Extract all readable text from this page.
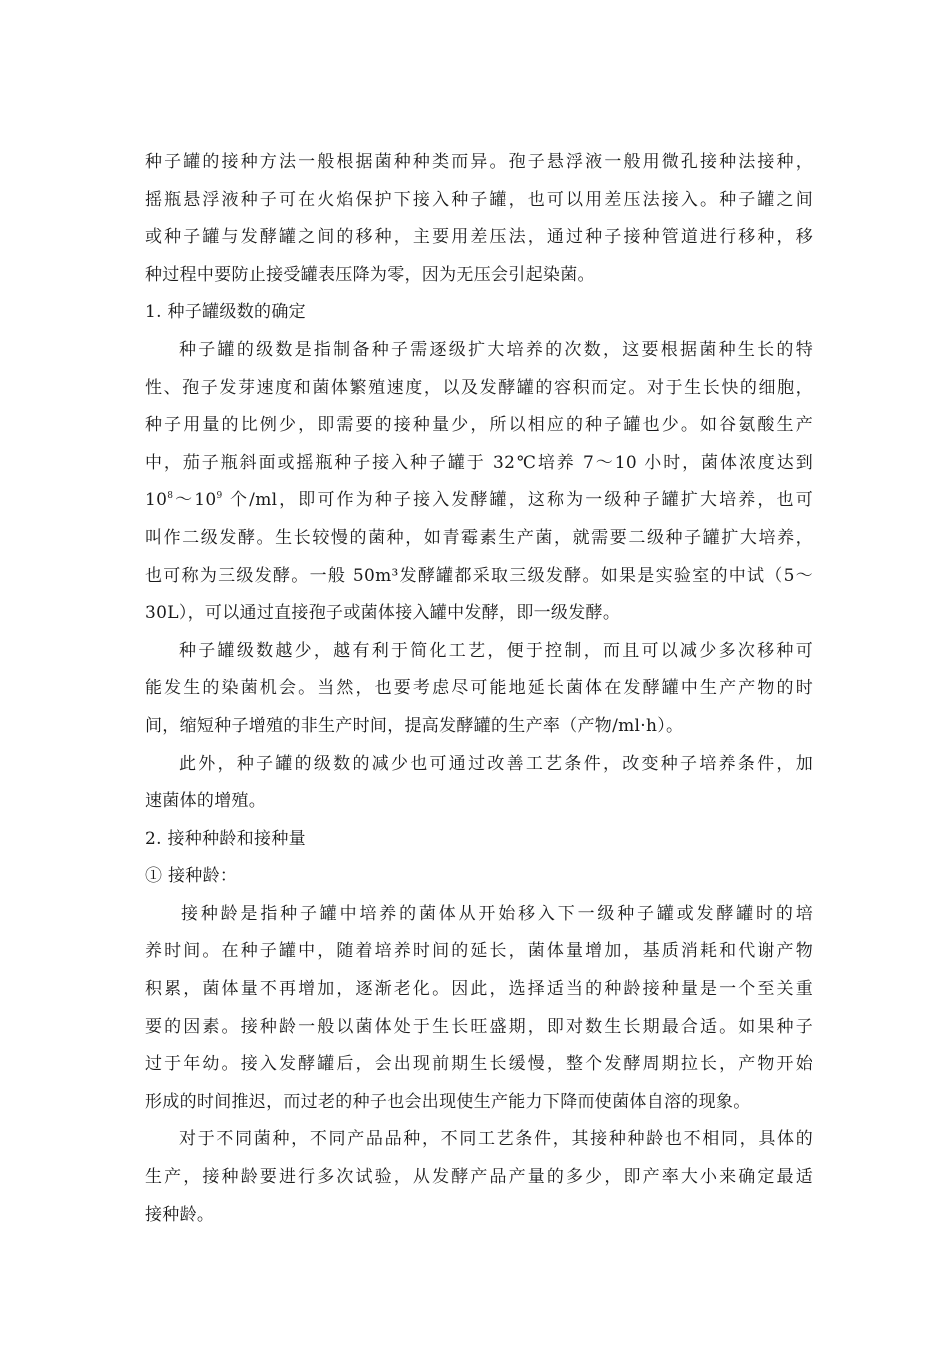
种子罐的接种方法一般根据菌种种类而异。孢子悬浮液一般用微孔接种法接种，
摇瓶悬浮液种子可在火焰保护下接入种子罐，也可以用差压法接入。种子罐之间
或种子罐与发酵罐之间的移种，主要用差压法，通过种子接种管道进行移种，移
种过程中要防止接受罐表压降为零，因为无压会引起染菌。
1. 种子罐级数的确定
种子罐的级数是指制备种子需逐级扩大培养的次数，这要根据菌种生长的特
性、孢子发芽速度和菌体繁殖速度，以及发酵罐的容积而定。对于生长快的细胞，
种子用量的比例少，即需要的接种量少，所以相应的种子罐也少。如谷氨酸生产
中，茄子瓶斜面或摇瓶种子接入种子罐于 32℃培养 7～10 小时，菌体浓度达到
$10^8\sim 10^9$ 个/ml，即可作为种子接入发酵罐，这称为一级种子罐扩大培养，也可
叫作二级发酵。生长较慢的菌种，如青霉素生产菌，就需要二级种子罐扩大培养，
也可称为三级发酵。一般 50m³发酵罐都采取三级发酵。如果是实验室的中试（5～
30L），可以通过直接孢子或菌体接入罐中发酵，即一级发酵。
种子罐级数越少，越有利于简化工艺，便于控制，而且可以减少多次移种可
能发生的染菌机会。当然，也要考虑尽可能地延长菌体在发酵罐中生产产物的时
间，缩短种子增殖的非生产时间，提高发酵罐的生产率（产物/ml·h）。
此外，种子罐的级数的减少也可通过改善工艺条件，改变种子培养条件，加
速菌体的增殖。
2. 接种种龄和接种量
① 接种龄：
接种龄是指种子罐中培养的菌体从开始移入下一级种子罐或发酵罐时的培
养时间。在种子罐中，随着培养时间的延长，菌体量增加，基质消耗和代谢产物
积累，菌体量不再增加，逐渐老化。因此，选择适当的种龄接种量是一个至关重
要的因素。接种龄一般以菌体处于生长旺盛期，即对数生长期最合适。如果种子
过于年幼。接入发酵罐后，会出现前期生长缓慢，整个发酵周期拉长，产物开始
形成的时间推迟，而过老的种子也会出现使生产能力下降而使菌体自溶的现象。
对于不同菌种，不同产品品种，不同工艺条件，其接种种龄也不相同，具体的
生产，接种龄要进行多次试验，从发酵产品产量的多少，即产率大小来确定最适
接种龄。
